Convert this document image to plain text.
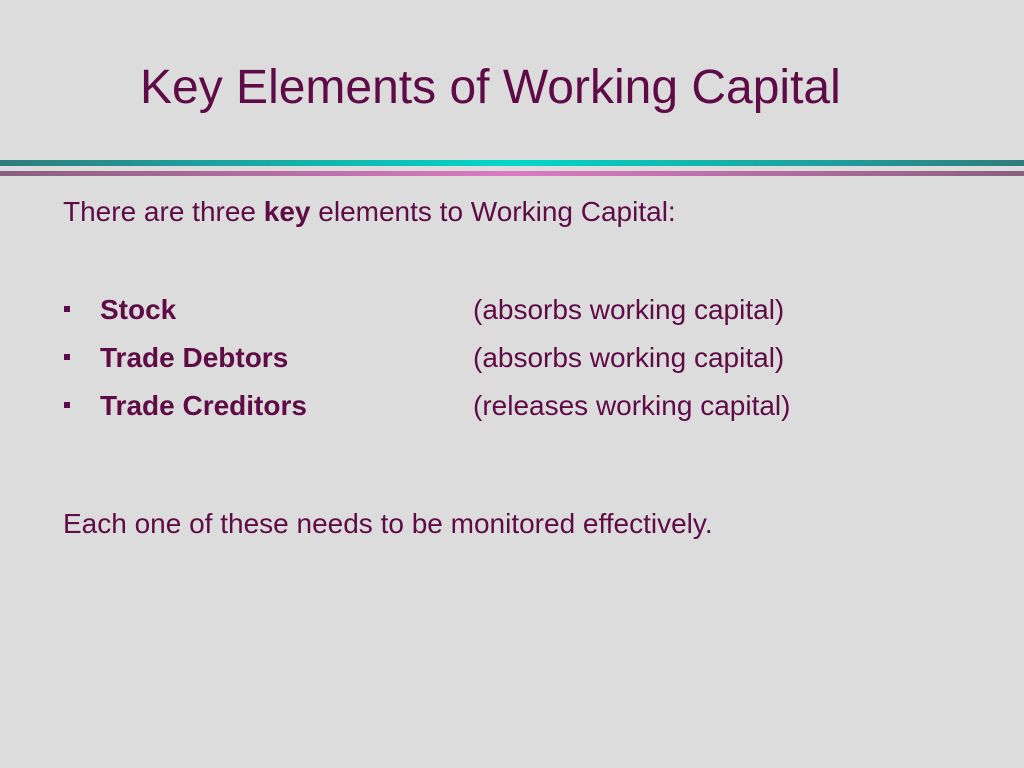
Key Elements of Working Capital
There are three key elements to Working Capital:
Stock	(absorbs working capital)
Trade Debtors	(absorbs working capital)
Trade Creditors	(releases working capital)
Each one of these needs to be monitored effectively.
